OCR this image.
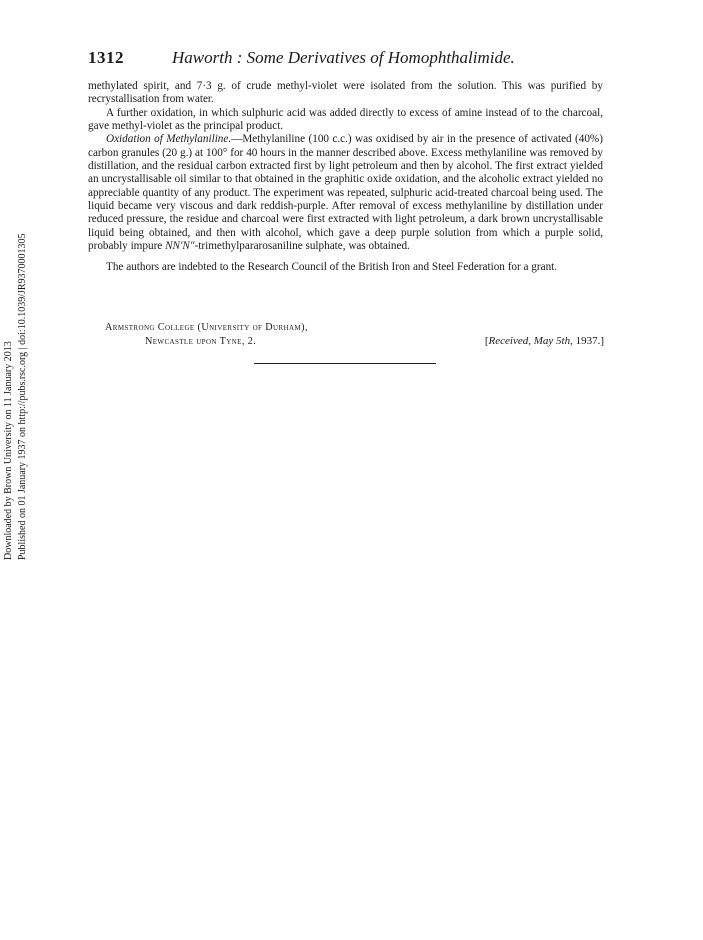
Downloaded by Brown University on 11 January 2013 Published on 01 January 1937 on http://pubs.rsc.org | doi:10.1039/JR9370001305
1312	Haworth : Some Derivatives of Homophthalimide.

methylated spirit, and 7·3 g. of crude methyl-violet were isolated from the solution. This was purified by recrystallisation from water.

A further oxidation, in which sulphuric acid was added directly to excess of amine instead of to the charcoal, gave methyl-violet as the principal product.

Oxidation of Methylaniline.—Methylaniline (100 c.c.) was oxidised by air in the presence of activated (40%) carbon granules (20 g.) at 100° for 40 hours in the manner described above. Excess methylaniline was removed by distillation, and the residual carbon extracted first by light petroleum and then by alcohol. The first extract yielded an uncrystallisable oil similar to that obtained in the graphitic oxide oxidation, and the alcoholic extract yielded no appreciable quantity of any product. The experiment was repeated, sulphuric acid-treated charcoal being used. The liquid became very viscous and dark reddish-purple. After removal of excess methylaniline by distillation under reduced pressure, the residue and charcoal were first extracted with light petroleum, a dark brown uncrystallisable liquid being obtained, and then with alcohol, which gave a deep purple solution from which a purple solid, probably impure NN′N″-trimethylpararosaniline sulphate, was obtained.

The authors are indebted to the Research Council of the British Iron and Steel Federation for a grant.

Armstrong College (University of Durham),
Newcastle upon Tyne, 2.	[Received, May 5th, 1937.]
